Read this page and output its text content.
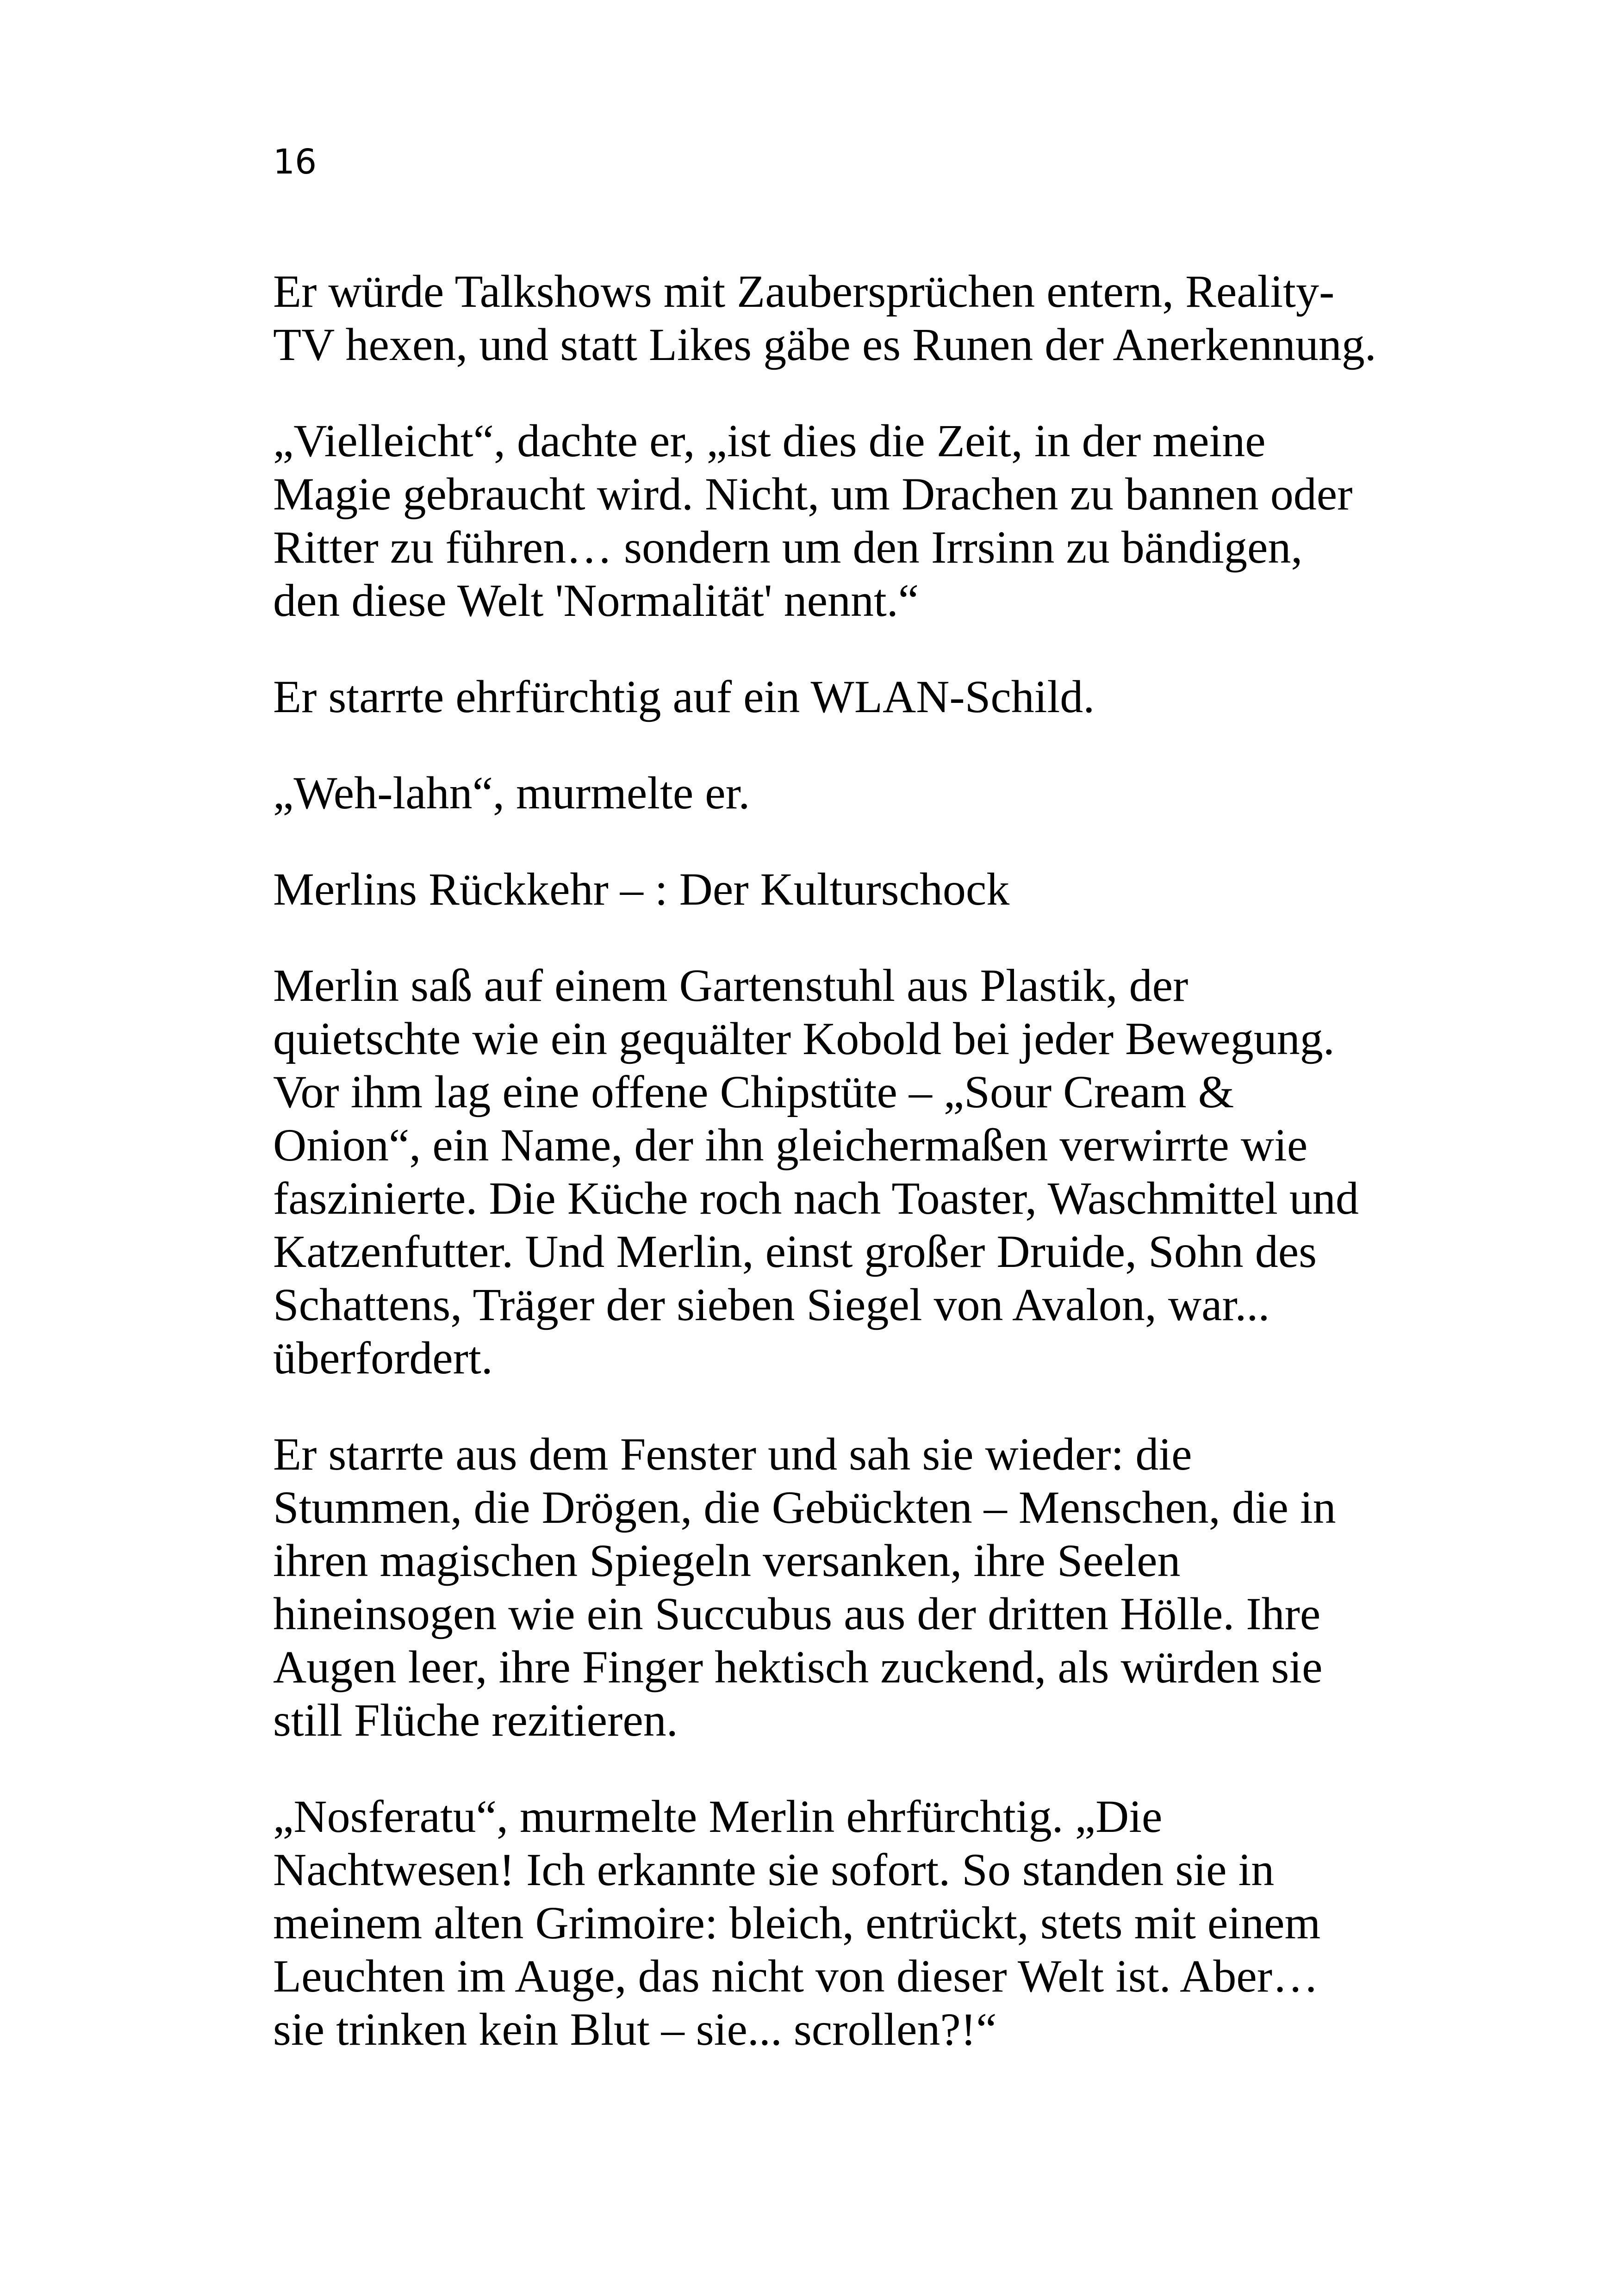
16

Er würde Talkshows mit Zaubersprüchen entern, Reality-
TV hexen, und statt Likes gäbe es Runen der Anerkennung.

„Vielleicht“, dachte er, „ist dies die Zeit, in der meine
Magie gebraucht wird. Nicht, um Drachen zu bannen oder
Ritter zu führen… sondern um den Irrsinn zu bändigen,
den diese Welt 'Normalität' nennt.“

Er starrte ehrfürchtig auf ein WLAN-Schild.

„Weh-lahn“, murmelte er.

Merlins Rückkehr – : Der Kulturschock

Merlin saß auf einem Gartenstuhl aus Plastik, der
quietschte wie ein gequälter Kobold bei jeder Bewegung.
Vor ihm lag eine offene Chipstüte – „Sour Cream &
Onion“, ein Name, der ihn gleichermaßen verwirrte wie
faszinierte. Die Küche roch nach Toaster, Waschmittel und
Katzenfutter. Und Merlin, einst großer Druide, Sohn des
Schattens, Träger der sieben Siegel von Avalon, war...
überfordert.

Er starrte aus dem Fenster und sah sie wieder: die
Stummen, die Drögen, die Gebückten – Menschen, die in
ihren magischen Spiegeln versanken, ihre Seelen
hineinsogen wie ein Succubus aus der dritten Hölle. Ihre
Augen leer, ihre Finger hektisch zuckend, als würden sie
still Flüche rezitieren.

„Nosferatu“, murmelte Merlin ehrfürchtig. „Die
Nachtwesen! Ich erkannte sie sofort. So standen sie in
meinem alten Grimoire: bleich, entrückt, stets mit einem
Leuchten im Auge, das nicht von dieser Welt ist. Aber…
sie trinken kein Blut – sie... scrollen?!“
